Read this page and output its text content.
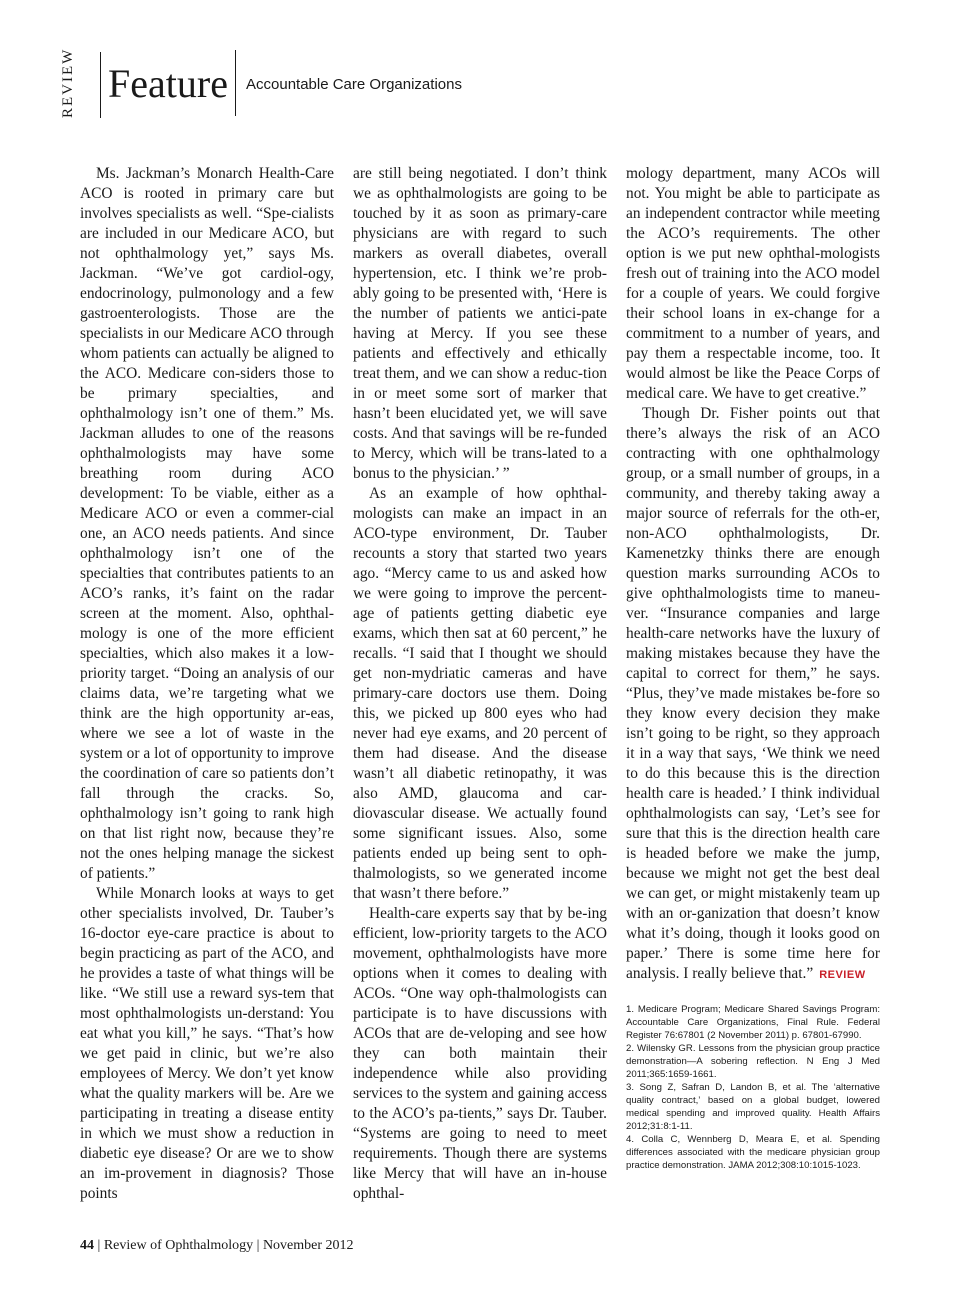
REVIEW Feature Accountable Care Organizations

Ms. Jackman’s Monarch Health-Care ACO is rooted in primary care but involves specialists as well. “Spe-cialists are included in our Medicare ACO, but not ophthalmology yet,” says Ms. Jackman. “We’ve got cardiol-ogy, endocrinology, pulmonology and a few gastroenterologists. Those are the specialists in our Medicare ACO through whom patients can actually be aligned to the ACO. Medicare con-siders those to be primary specialties, and ophthalmology isn’t one of them.” Ms. Jackman alludes to one of the reasons ophthalmologists may have some breathing room during ACO development: To be viable, either as a Medicare ACO or even a commer-cial one, an ACO needs patients. And since ophthalmology isn’t one of the specialties that contributes patients to an ACO’s ranks, it’s faint on the radar screen at the moment. Also, ophthal-mology is one of the more efficient specialties, which also makes it a low-priority target. “Doing an analysis of our claims data, we’re targeting what we think are the high opportunity ar-eas, where we see a lot of waste in the system or a lot of opportunity to improve the coordination of care so patients don’t fall through the cracks. So, ophthalmology isn’t going to rank high on that list right now, because they’re not the ones helping manage the sickest of patients.”

While Monarch looks at ways to get other specialists involved, Dr. Tauber’s 16-doctor eye-care practice is about to begin practicing as part of the ACO, and he provides a taste of what things will be like. “We still use a reward sys-tem that most ophthalmologists un-derstand: You eat what you kill,” he says. “That’s how we get paid in clinic, but we’re also employees of Mercy. We don’t yet know what the quality markers will be. Are we participating in treating a disease entity in which we must show a reduction in diabetic eye disease? Or are we to show an im-provement in diagnosis? Those points

are still being negotiated. I don’t think we as ophthalmologists are going to be touched by it as soon as primary-care physicians are with regard to such markers as overall diabetes, overall hypertension, etc. I think we’re prob-ably going to be presented with, ‘Here is the number of patients we antici-pate having at Mercy. If you see these patients and effectively and ethically treat them, and we can show a reduc-tion in or meet some sort of marker that hasn’t been elucidated yet, we will save costs. And that savings will be re-funded to Mercy, which will be trans-lated to a bonus to the physician.’ ”

As an example of how ophthal-mologists can make an impact in an ACO-type environment, Dr. Tauber recounts a story that started two years ago. “Mercy came to us and asked how we were going to improve the percent-age of patients getting diabetic eye exams, which then sat at 60 percent,” he recalls. “I said that I thought we should get non-mydriatic cameras and have primary-care doctors use them. Doing this, we picked up 800 eyes who had never had eye exams, and 20 percent of them had disease. And the disease wasn’t all diabetic retinopathy, it was also AMD, glaucoma and car-diovascular disease. We actually found some significant issues. Also, some patients ended up being sent to oph-thalmologists, so we generated income that wasn’t there before.”

Health-care experts say that by be-ing efficient, low-priority targets to the ACO movement, ophthalmologists have more options when it comes to dealing with ACOs. “One way oph-thalmologists can participate is to have discussions with ACOs that are de-veloping and see how they can both maintain their independence while also providing services to the system and gaining access to the ACO’s pa-tients,” says Dr. Tauber. “Systems are going to need to meet requirements. Though there are systems like Mercy that will have an in-house ophthal-

mology department, many ACOs will not. You might be able to participate as an independent contractor while meeting the ACO’s requirements. The other option is we put new ophthal-mologists fresh out of training into the ACO model for a couple of years. We could forgive their school loans in ex-change for a commitment to a number of years, and pay them a respectable income, too. It would almost be like the Peace Corps of medical care. We have to get creative.”

Though Dr. Fisher points out that there’s always the risk of an ACO contracting with one ophthalmology group, or a small number of groups, in a community, and thereby taking away a major source of referrals for the oth-er, non-ACO ophthalmologists, Dr. Kamenetzky thinks there are enough question marks surrounding ACOs to give ophthalmologists time to maneu-ver. “Insurance companies and large health-care networks have the luxury of making mistakes because they have the capital to correct for them,” he says. “Plus, they’ve made mistakes be-fore so they know every decision they make isn’t going to be right, so they approach it in a way that says, ‘We think we need to do this because this is the direction health care is headed.’ I think individual ophthalmologists can say, ‘Let’s see for sure that this is the direction health care is headed before we make the jump, because we might not get the best deal we can get, or might mistakenly team up with an or-ganization that doesn’t know what it’s doing, though it looks good on paper.’ There is some time here for analysis. I really believe that.” REVIEW

1. Medicare Program; Medicare Shared Savings Program: Accountable Care Organizations, Final Rule. Federal Register 76:67801 (2 November 2011) p. 67801-67990.
2. Wilensky GR. Lessons from the physician group practice demonstration—A sobering reflection. N Eng J Med 2011;365:1659-1661.
3. Song Z, Safran D, Landon B, et al. The ‘alternative quality contract,’ based on a global budget, lowered medical spending and improved quality. Health Affairs 2012;31:8:1-11.
4. Colla C, Wennberg D, Meara E, et al. Spending differences associated with the medicare physician group practice demonstration. JAMA 2012;308:10:1015-1023.
44 | Review of Ophthalmology | November 2012
